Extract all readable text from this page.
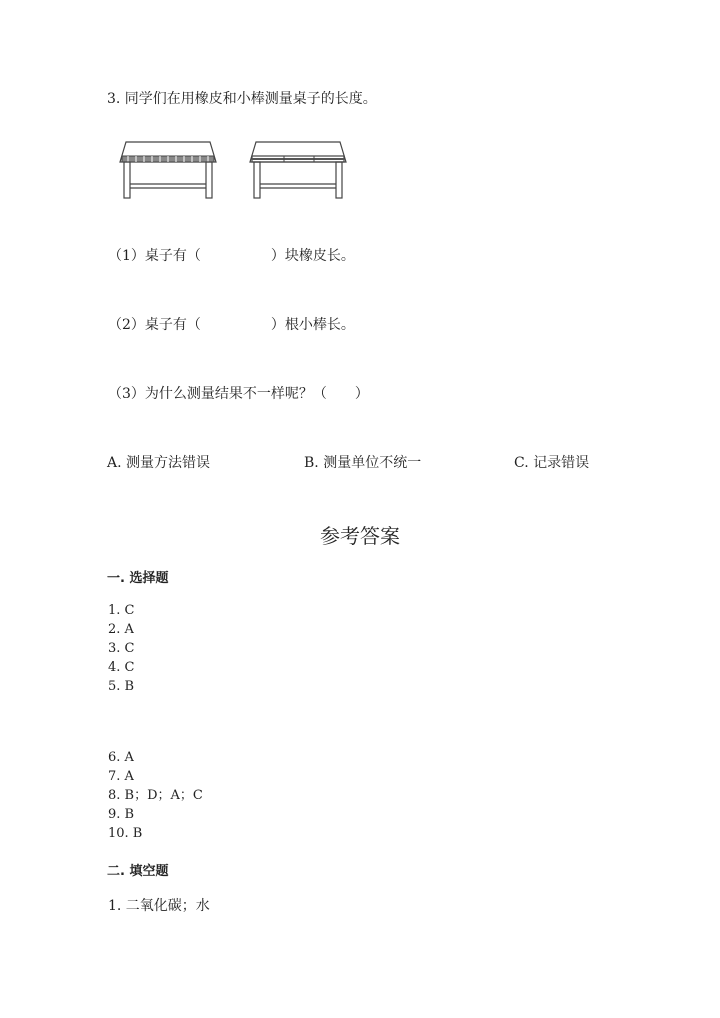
3. 同学们在用橡皮和小棒测量桌子的长度。
（1）桌子有（　　　　　）块橡皮长。
（2）桌子有（　　　　　）根小棒长。
（3）为什么测量结果不一样呢？（　　）
A. 测量方法错误	B. 测量单位不统一	C. 记录错误
参考答案
一. 选择题
1. C
2. A
3. C
4. C
5. B
6. A
7. A
8. B；D；A；C
9. B
10. B
二. 填空题
1. 二氧化碳；水
